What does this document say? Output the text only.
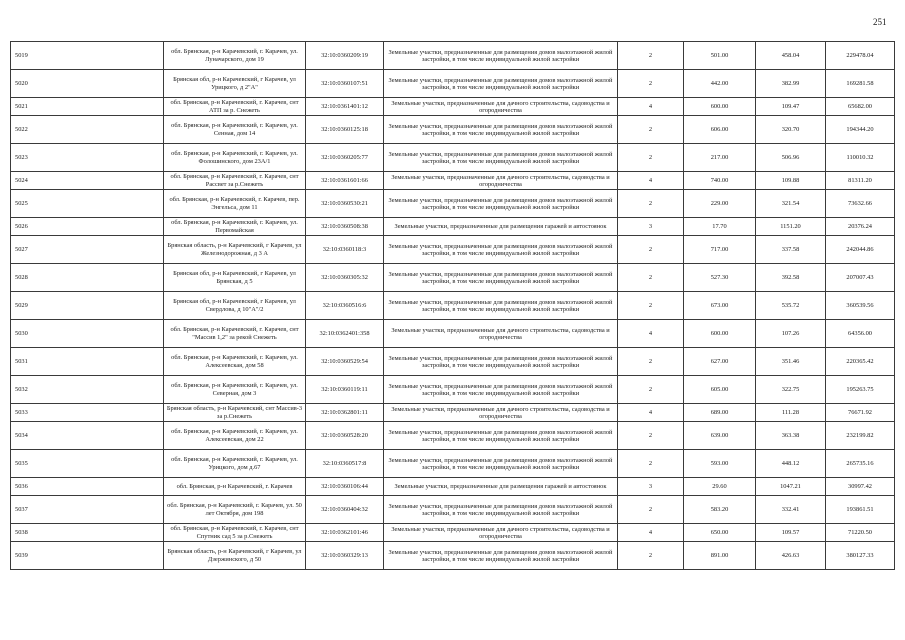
251
5019	обл. Брянская, р-н Карачевский, г. Карачев, ул. Луначарского, дом 19	32:10:0360209:19	Земельные участки, предназначенные для размещения домов малоэтажной жилой застройки, в том числе индивидуальной жилой застройки	2	501.00	458.04	229478.04
5020	Брянская обл, р-н Карачевский, г Карачев, ул Урицкого, д 2"А"	32:10:0360107:51	Земельные участки, предназначенные для размещения домов малоэтажной жилой застройки, в том числе индивидуальной жилой застройки	2	442.00	382.99	169281.58
5021	обл. Брянская, р-н Карачевский, г. Карачев, снт АТП за р. Снежеть	32:10:0361401:12	Земельные участки, предназначенные для дачного строительства, садоводства и огородничества	4	600.00	109.47	65682.00
5022	обл. Брянская, р-н Карачевский, г. Карачев, ул. Сенная, дом 14	32:10:0360125:18	Земельные участки, предназначенные для размещения домов малоэтажной жилой застройки, в том числе индивидуальной жилой застройки	2	606.00	320.70	194344.20
5023	обл. Брянская, р-н Карачевский, г. Карачев, ул. Фолошинского, дом 23А/1	32:10:0360205:77	Земельные участки, предназначенные для размещения домов малоэтажной жилой застройки, в том числе индивидуальной жилой застройки	2	217.00	506.96	110010.32
5024	обл. Брянская, р-н Карачевский, г. Карачев, снт Рассвет за р.Снежеть	32:10:0361601:66	Земельные участки, предназначенные для дачного строительства, садоводства и огородничества	4	740.00	109.88	81311.20
5025	обл. Брянская, р-н Карачевский, г. Карачев, пер. Энгельса, дом 11	32:10:0360530:21	Земельные участки, предназначенные для размещения домов малоэтажной жилой застройки, в том числе индивидуальной жилой застройки	2	229.00	321.54	73632.66
5026	обл. Брянская, р-н Карачевский, г. Карачев, ул. Первомайская	32:10:0360508:38	Земельные участки, предназначенные для размещения гаражей и автостоянок	3	17.70	1151.20	20376.24
5027	Брянская область, р-н Карачевский, г Карачев, ул Железнодорожная, д 3 А	32:10:0360118:3	Земельные участки, предназначенные для размещения домов малоэтажной жилой застройки, в том числе индивидуальной жилой застройки	2	717.00	337.58	242044.86
5028	Брянская обл, р-н Карачевский, г Карачев, ул Брянская, д 5	32:10:0360305:32	Земельные участки, предназначенные для размещения домов малоэтажной жилой застройки, в том числе индивидуальной жилой застройки	2	527.30	392.58	207007.43
5029	Брянская обл, р-н Карачевский, г Карачев, ул Свердлова, д 10"А"/2	32:10:0360516:6	Земельные участки, предназначенные для размещения домов малоэтажной жилой застройки, в том числе индивидуальной жилой застройки	2	673.00	535.72	360539.56
5030	обл. Брянская, р-н Карачевский, г. Карачев, снт "Массив 1,2" за рекой Снежеть	32:10:0362401:358	Земельные участки, предназначенные для дачного строительства, садоводства и огородничества	4	600.00	107.26	64356.00
5031	обл. Брянская, р-н Карачевский, г. Карачев, ул. Алексеевская, дом 58	32:10:0360529:54	Земельные участки, предназначенные для размещения домов малоэтажной жилой застройки, в том числе индивидуальной жилой застройки	2	627.00	351.46	220365.42
5032	обл. Брянская, р-н Карачевский, г. Карачев, ул. Северная, дом 3	32:10:0360119:11	Земельные участки, предназначенные для размещения домов малоэтажной жилой застройки, в том числе индивидуальной жилой застройки	2	605.00	322.75	195263.75
5033	Брянская область, р-н Карачевский, снт Массив-3 за р.Снежеть	32:10:0362801:11	Земельные участки, предназначенные для дачного строительства, садоводства и огородничества	4	689.00	111.28	76671.92
5034	обл. Брянская, р-н Карачевский, г. Карачев, ул. Алексеевская, дом 22	32:10:0360528:20	Земельные участки, предназначенные для размещения домов малоэтажной жилой застройки, в том числе индивидуальной жилой застройки	2	639.00	363.38	232199.82
5035	обл. Брянская, р-н Карачевский, г. Карачев, ул. Урицкого, дом д.67	32:10:0360517:8	Земельные участки, предназначенные для размещения домов малоэтажной жилой застройки, в том числе индивидуальной жилой застройки	2	593.00	448.12	265735.16
5036	обл. Брянская, р-н Карачевский, г. Карачев	32:10:0360106:44	Земельные участки, предназначенные для размещения гаражей и автостоянок	3	29.60	1047.21	30997.42
5037	обл. Брянская, р-н Карачевский, г. Карачев, ул. 50 лет Октября, дом 198	32:10:0360404:32	Земельные участки, предназначенные для размещения домов малоэтажной жилой застройки, в том числе индивидуальной жилой застройки	2	583.20	332.41	193861.51
5038	обл. Брянская, р-н Карачевский, г. Карачев, снт Спутник сад 5 за р.Снежеть	32:10:0362101:46	Земельные участки, предназначенные для дачного строительства, садоводства и огородничества	4	650.00	109.57	71220.50
5039	Брянская область, р-н Карачевский, г Карачев, ул Дзержинского, д 50	32:10:0360329:13	Земельные участки, предназначенные для размещения домов малоэтажной жилой застройки, в том числе индивидуальной жилой застройки	2	891.00	426.63	380127.33
